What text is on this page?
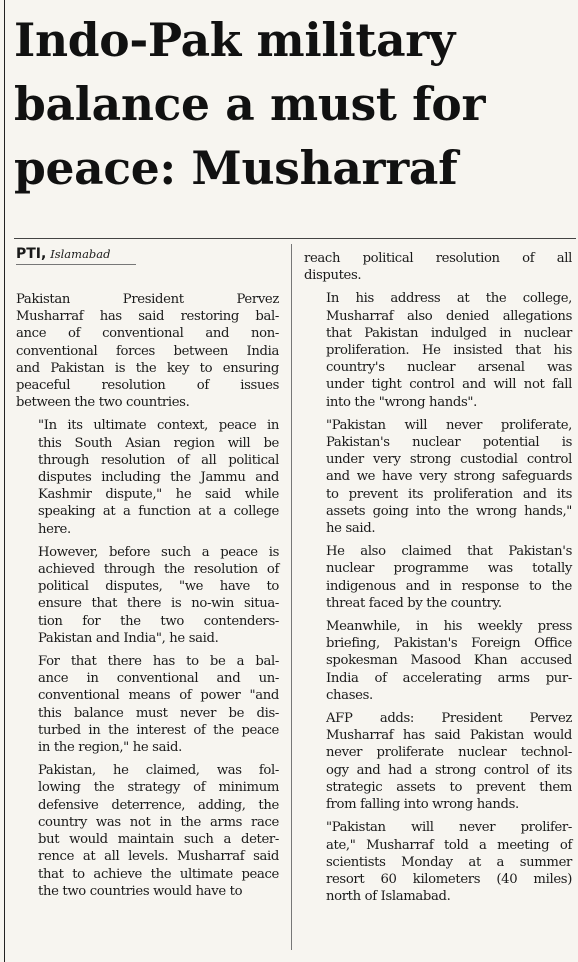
Indo-Pak military
balance a must for
peace: Musharraf
PTI, Islamabad

Pakistan President Pervez
Musharraf has said restoring bal-
ance of conventional and non-
conventional forces between India
and Pakistan is the key to ensuring
peaceful resolution of issues
between the two countries.

"In its ultimate context, peace in
this South Asian region will be
through resolution of all political
disputes including the Jammu and
Kashmir dispute," he said while
speaking at a function at a college
here.

However, before such a peace is
achieved through the resolution of
political disputes, "we have to
ensure that there is no-win situa-
tion for the two contenders-
Pakistan and India", he said.

For that there has to be a bal-
ance in conventional and un-
conventional means of power "and
this balance must never be dis-
turbed in the interest of the peace
in the region," he said.

Pakistan, he claimed, was fol-
lowing the strategy of minimum
defensive deterrence, adding, the
country was not in the arms race
but would maintain such a deter-
rence at all levels. Musharraf said
that to achieve the ultimate peace
the two countries would have to

reach political resolution of all
disputes.

In his address at the college,
Musharraf also denied allegations
that Pakistan indulged in nuclear
proliferation. He insisted that his
country's nuclear arsenal was
under tight control and will not fall
into the "wrong hands".

"Pakistan will never proliferate,
Pakistan's nuclear potential is
under very strong custodial control
and we have very strong safeguards
to prevent its proliferation and its
assets going into the wrong hands,"
he said.

He also claimed that Pakistan's
nuclear programme was totally
indigenous and in response to the
threat faced by the country.

Meanwhile, in his weekly press
briefing, Pakistan's Foreign Office
spokesman Masood Khan accused
India of accelerating arms pur-
chases.

AFP adds: President Pervez
Musharraf has said Pakistan would
never proliferate nuclear technol-
ogy and had a strong control of its
strategic assets to prevent them
from falling into wrong hands.

"Pakistan will never prolifer-
ate," Musharraf told a meeting of
scientists Monday at a summer
resort 60 kilometers (40 miles)
north of Islamabad.
